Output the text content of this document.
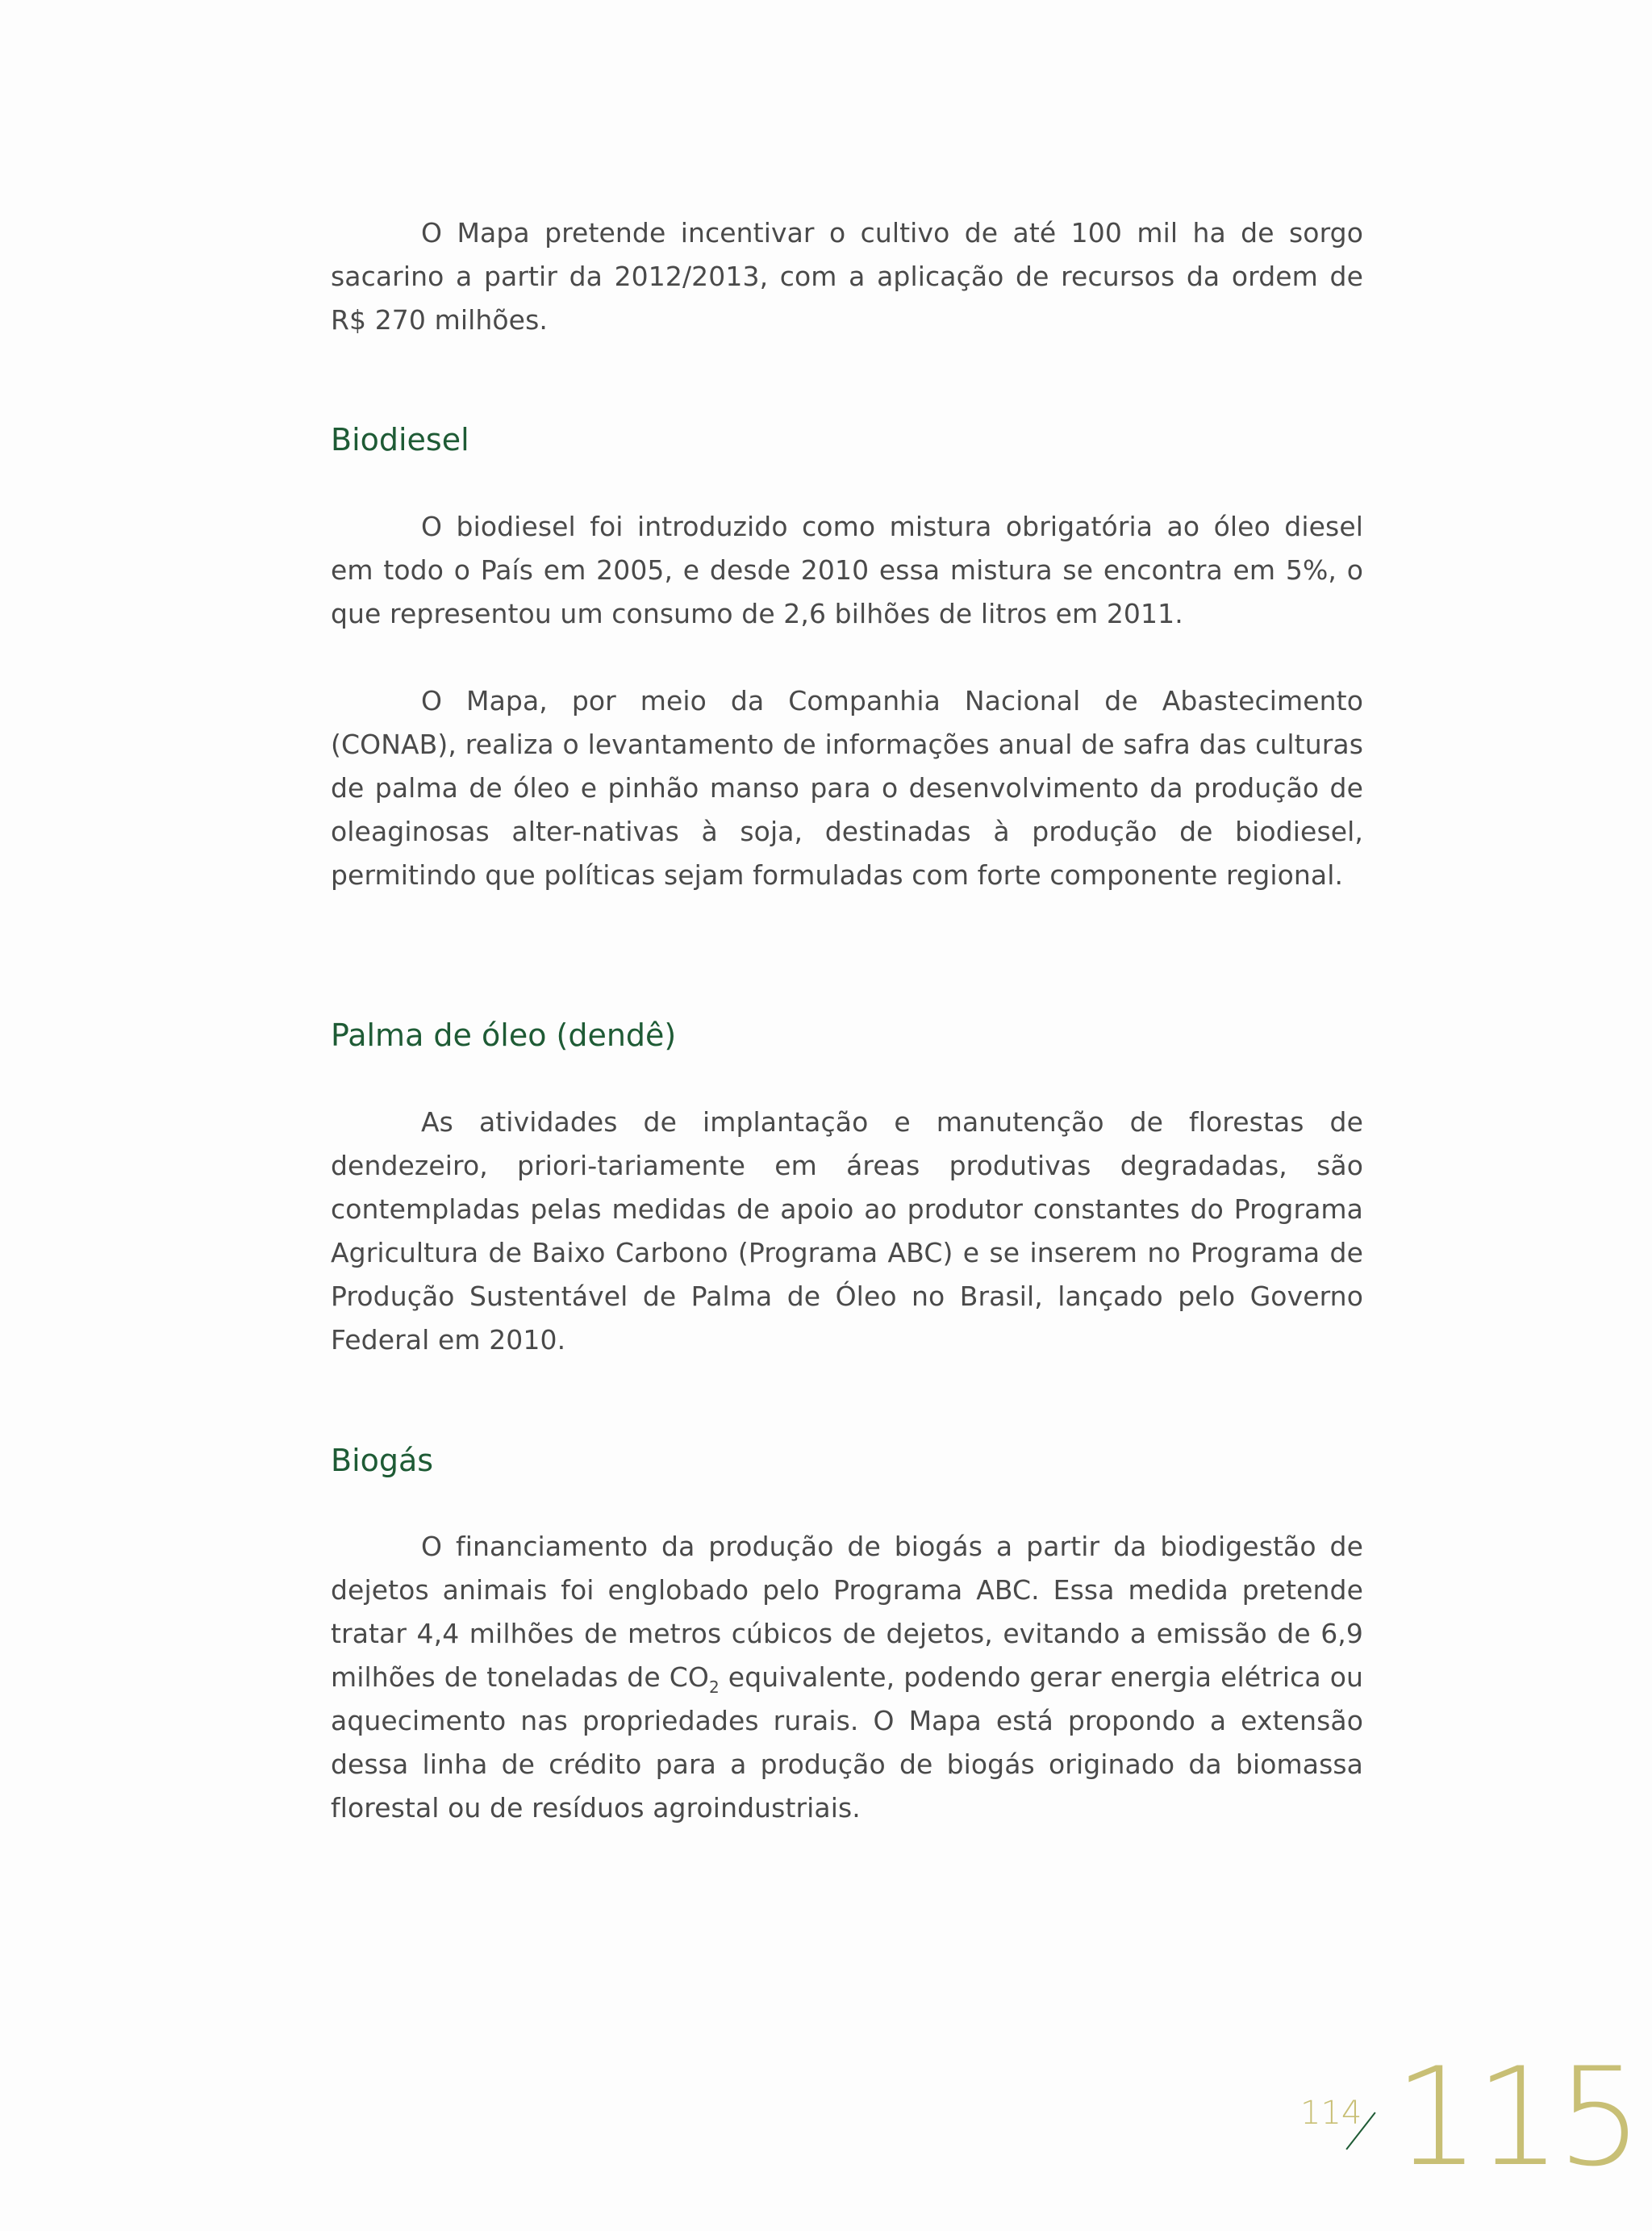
O Mapa pretende incentivar o cultivo de até 100 mil ha de sorgo sacarino a partir da 2012/2013, com a aplicação de recursos da ordem de R$ 270 milhões.

Biodiesel

O biodiesel foi introduzido como mistura obrigatória ao óleo diesel em todo o País em 2005, e desde 2010 essa mistura se encontra em 5%, o que representou um consumo de 2,6 bilhões de litros em 2011.

O Mapa, por meio da Companhia Nacional de Abastecimento (CONAB), realiza o levantamento de informações anual de safra das culturas de palma de óleo e pinhão manso para o desenvolvimento da produção de oleaginosas alter-nativas à soja, destinadas à produção de biodiesel, permitindo que políticas sejam formuladas com forte componente regional.

Palma de óleo (dendê)

As atividades de implantação e manutenção de florestas de dendezeiro, priori-tariamente em áreas produtivas degradadas, são contempladas pelas medidas de apoio ao produtor constantes do Programa Agricultura de Baixo Carbono (Programa ABC) e se inserem no Programa de Produção Sustentável de Palma de Óleo no Brasil, lançado pelo Governo Federal em 2010.

Biogás

O financiamento da produção de biogás a partir da biodigestão de dejetos animais foi englobado pelo Programa ABC. Essa medida pretende tratar 4,4 milhões de metros cúbicos de dejetos, evitando a emissão de 6,9 milhões de toneladas de $CO_2$ equivalente, podendo gerar energia elétrica ou aquecimento nas propriedades rurais. O Mapa está propondo a extensão dessa linha de crédito para a produção de biogás originado da biomassa florestal ou de resíduos agroindustriais.

114 115
